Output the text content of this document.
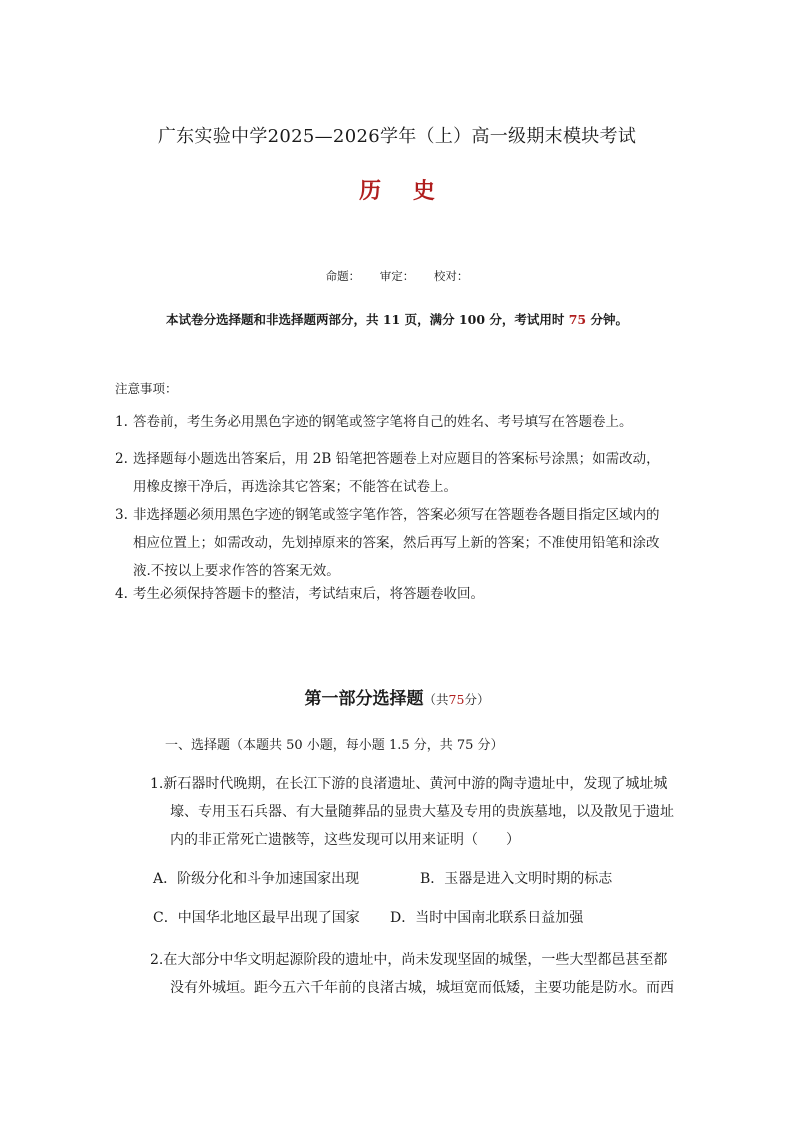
广东实验中学2025—2026学年（上）高一级期末模块考试
历 史
命题： 审定： 校对：
本试卷分选择题和非选择题两部分，共 11 页，满分 100 分，考试用时 75 分钟。
注意事项：
1. 答卷前，考生务必用黑色字迹的钢笔或签字笔将自己的姓名、考号填写在答题卷上。
2. 选择题每小题选出答案后，用 2B 铅笔把答题卷上对应题目的答案标号涂黑；如需改动，
用橡皮擦干净后，再选涂其它答案；不能答在试卷上。
3. 非选择题必须用黑色字迹的钢笔或签字笔作答，答案必须写在答题卷各题目指定区域内的
相应位置上；如需改动，先划掉原来的答案，然后再写上新的答案；不准使用铅笔和涂改
液.不按以上要求作答的答案无效。
4. 考生必须保持答题卡的整洁，考试结束后，将答题卷收回。
第一部分选择题（共75分）
一、选择题（本题共 50 小题，每小题 1.5 分，共 75 分）
1.新石器时代晚期，在长江下游的良渚遗址、黄河中游的陶寺遗址中，发现了城址城
壕、专用玉石兵器、有大量随葬品的显贵大墓及专用的贵族墓地，以及散见于遗址
内的非正常死亡遗骸等，这些发现可以用来证明（　　）
A．阶级分化和斗争加速国家出现	B．玉器是进入文明时期的标志
C．中国华北地区最早出现了国家 D．当时中国南北联系日益加强
2.在大部分中华文明起源阶段的遗址中，尚未发现坚固的城堡，一些大型都邑甚至都
没有外城垣。距今五六千年前的良渚古城，城垣宽而低矮，主要功能是防水。而西
